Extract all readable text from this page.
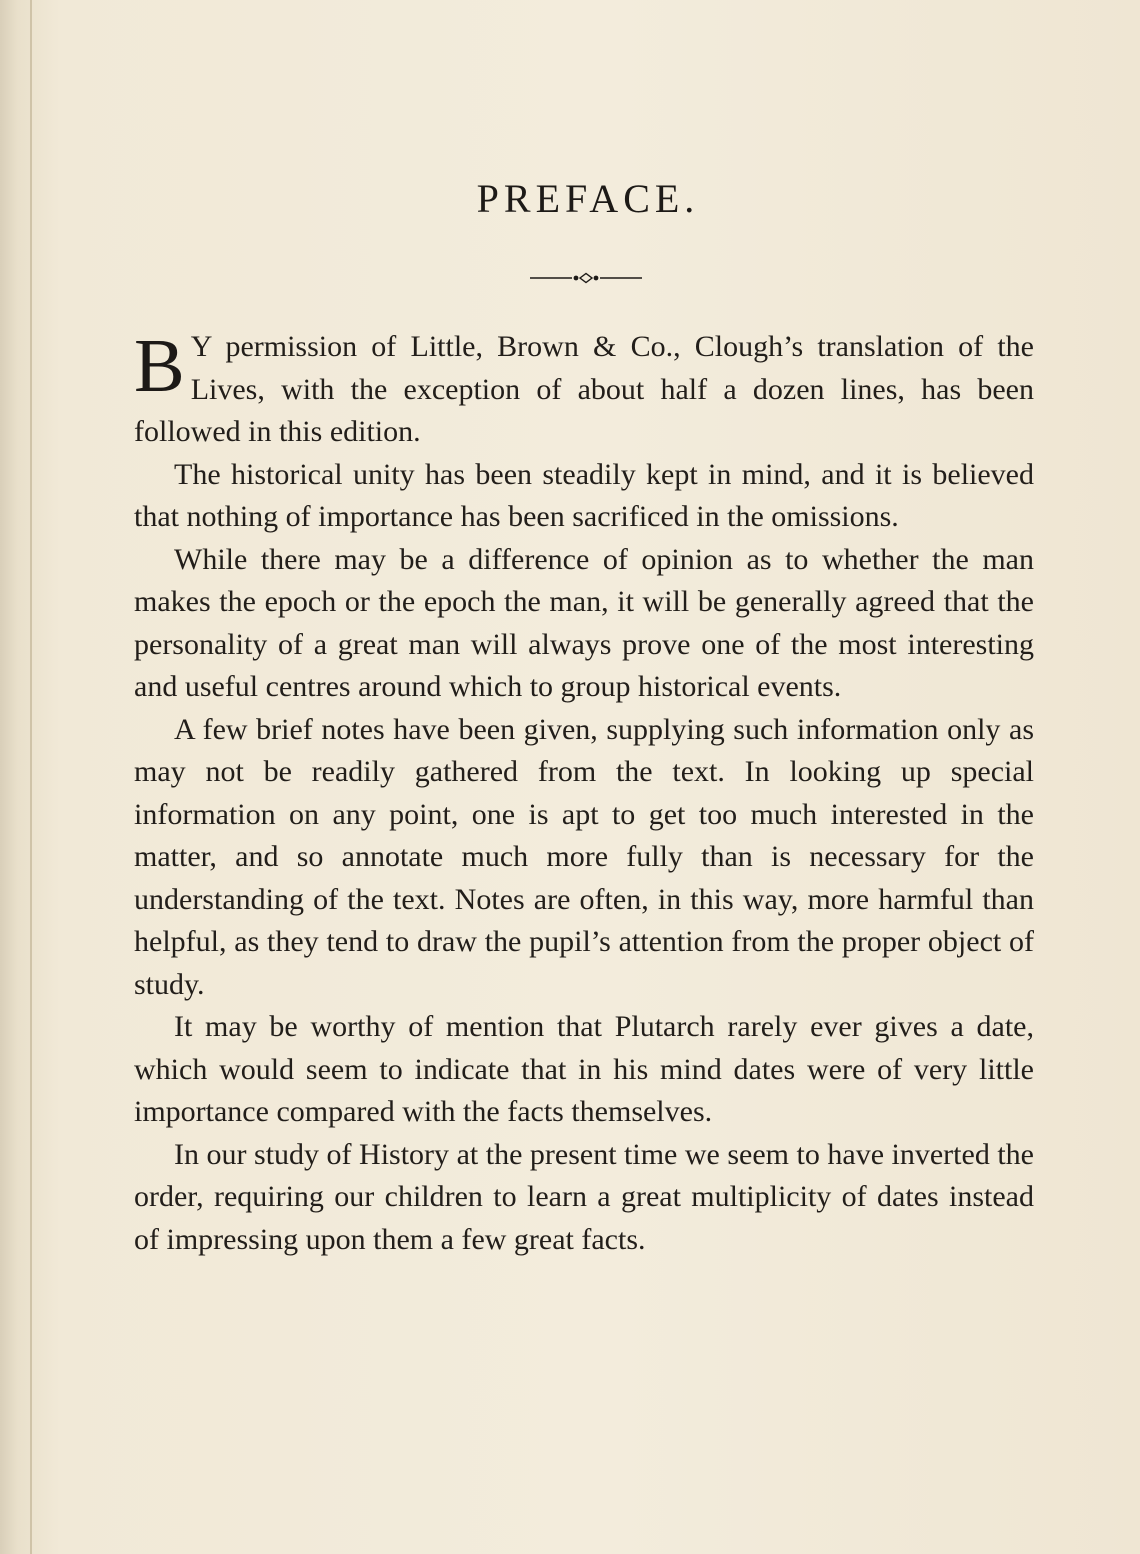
PREFACE.

B Y permission of Little, Brown & Co., Clough’s translation of the Lives, with the exception of about half a dozen lines, has been followed in this edition.

The historical unity has been steadily kept in mind, and it is believed that nothing of importance has been sacrificed in the omissions.

While there may be a difference of opinion as to whether the man makes the epoch or the epoch the man, it will be generally agreed that the personality of a great man will always prove one of the most interesting and useful centres around which to group historical events.

A few brief notes have been given, supplying such information only as may not be readily gathered from the text. In looking up special information on any point, one is apt to get too much interested in the matter, and so annotate much more fully than is necessary for the understanding of the text. Notes are often, in this way, more harmful than helpful, as they tend to draw the pupil’s attention from the proper object of study.

It may be worthy of mention that Plutarch rarely ever gives a date, which would seem to indicate that in his mind dates were of very little importance compared with the facts themselves.

In our study of History at the present time we seem to have inverted the order, requiring our children to learn a great multiplicity of dates instead of impressing upon them a few great facts.
